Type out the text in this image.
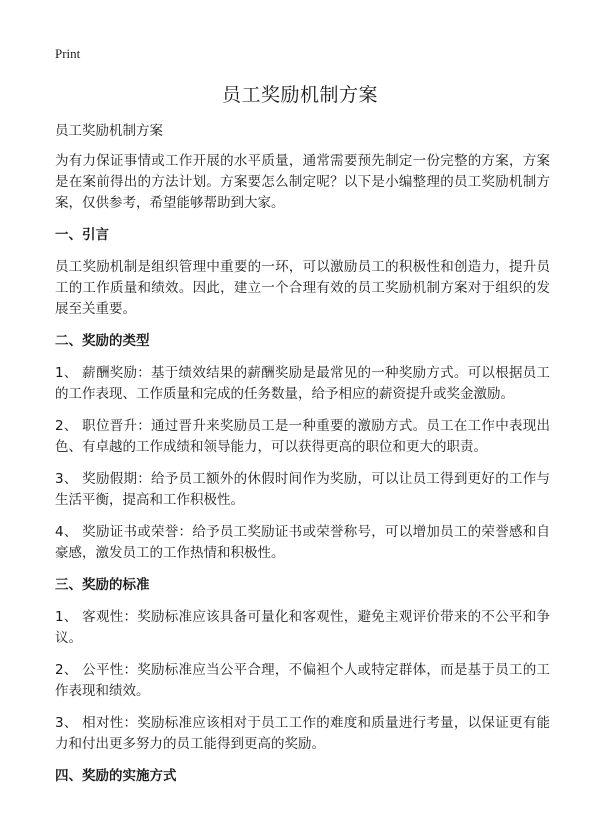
Print
员工奖励机制方案
员工奖励机制方案

为有力保证事情或工作开展的水平质量，通常需要预先制定一份完整的方案，方案是在案前得出的方法计划。方案要怎么制定呢？以下是小编整理的员工奖励机制方案，仅供参考，希望能够帮助到大家。

一、引言

员工奖励机制是组织管理中重要的一环，可以激励员工的积极性和创造力，提升员工的工作质量和绩效。因此，建立一个合理有效的员工奖励机制方案对于组织的发展至关重要。

二、奖励的类型

1、 薪酬奖励：基于绩效结果的薪酬奖励是最常见的一种奖励方式。可以根据员工的工作表现、工作质量和完成的任务数量，给予相应的薪资提升或奖金激励。

2、 职位晋升：通过晋升来奖励员工是一种重要的激励方式。员工在工作中表现出色、有卓越的工作成绩和领导能力，可以获得更高的职位和更大的职责。

3、 奖励假期：给予员工额外的休假时间作为奖励，可以让员工得到更好的工作与生活平衡，提高和工作积极性。

4、 奖励证书或荣誉：给予员工奖励证书或荣誉称号，可以增加员工的荣誉感和自豪感，激发员工的工作热情和积极性。

三、奖励的标准

1、 客观性：奖励标准应该具备可量化和客观性，避免主观评价带来的不公平和争议。

2、 公平性：奖励标准应当公平合理，不偏袒个人或特定群体，而是基于员工的工作表现和绩效。

3、 相对性：奖励标准应该相对于员工工作的难度和质量进行考量，以保证更有能力和付出更多努力的员工能得到更高的奖励。

四、奖励的实施方式
